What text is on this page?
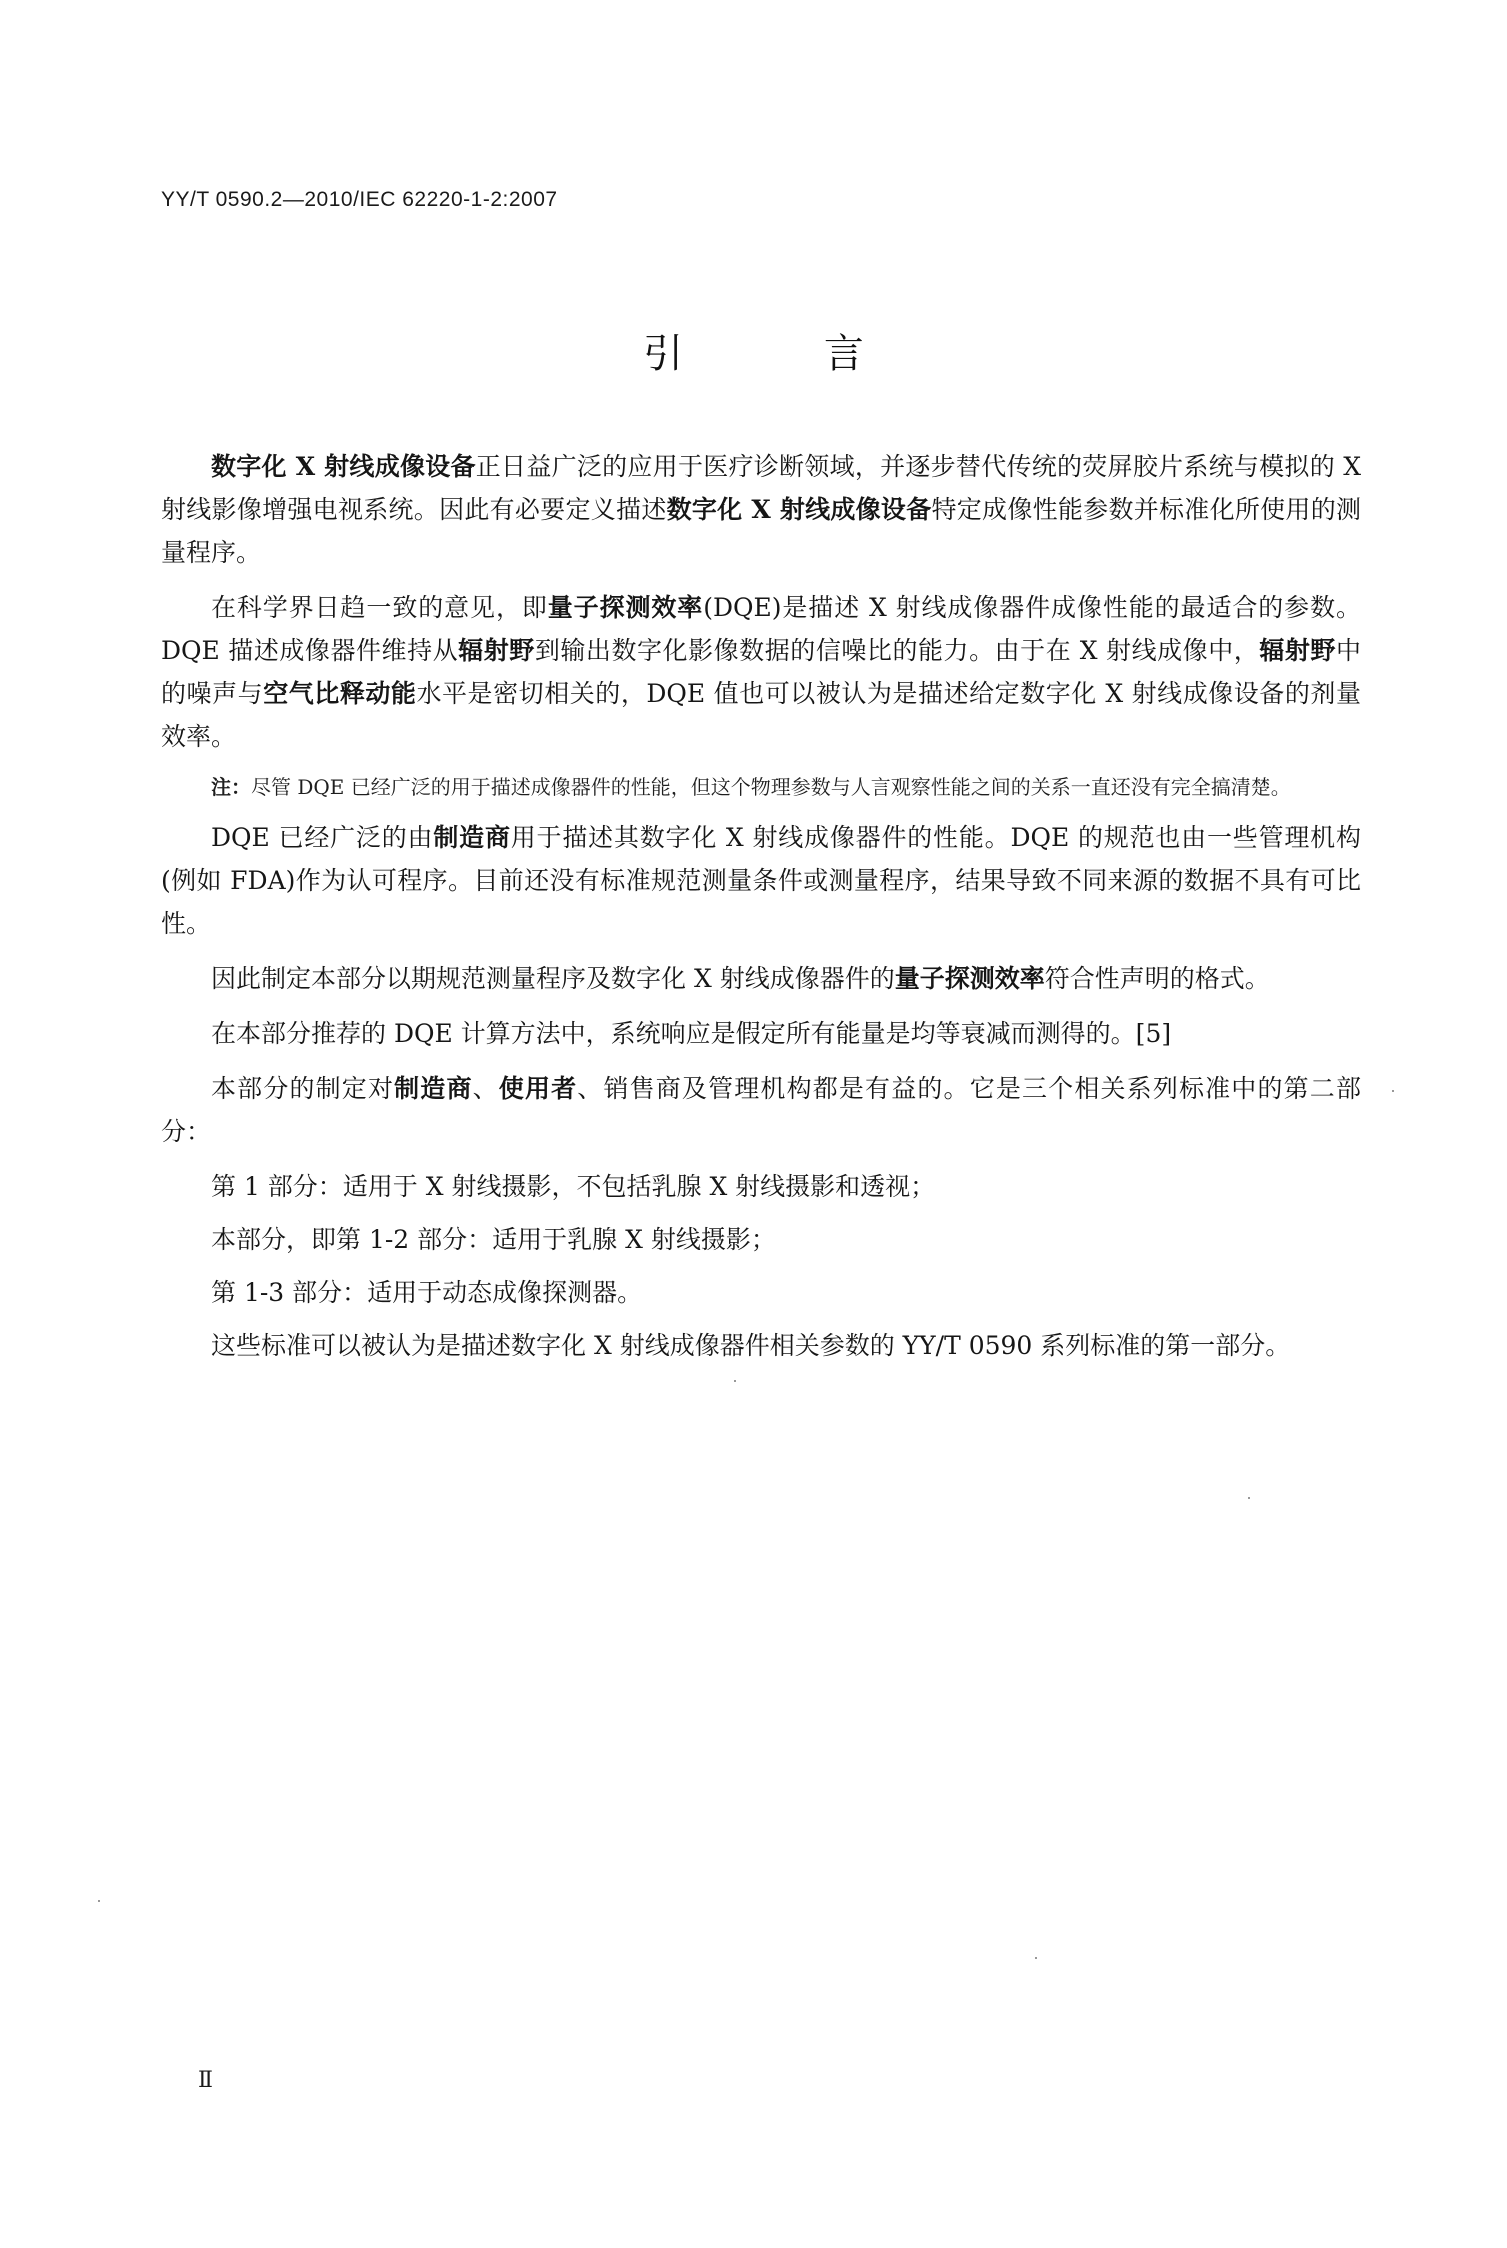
YY/T 0590.2—2010/IEC 62220-1-2:2007
引 言

数字化 X 射线成像设备正日益广泛的应用于医疗诊断领域，并逐步替代传统的荧屏胶片系统与模拟的 X 射线影像增强电视系统。因此有必要定义描述数字化 X 射线成像设备特定成像性能参数并标准化所使用的测量程序。

在科学界日趋一致的意见，即量子探测效率(DQE)是描述 X 射线成像器件成像性能的最适合的参数。DQE 描述成像器件维持从辐射野到输出数字化影像数据的信噪比的能力。由于在 X 射线成像中，辐射野中的噪声与空气比释动能水平是密切相关的，DQE 值也可以被认为是描述给定数字化 X 射线成像设备的剂量效率。

注：尽管 DQE 已经广泛的用于描述成像器件的性能，但这个物理参数与人言观察性能之间的关系一直还没有完全搞清楚。

DQE 已经广泛的由制造商用于描述其数字化 X 射线成像器件的性能。DQE 的规范也由一些管理机构(例如 FDA)作为认可程序。目前还没有标准规范测量条件或测量程序，结果导致不同来源的数据不具有可比性。

因此制定本部分以期规范测量程序及数字化 X 射线成像器件的量子探测效率符合性声明的格式。

在本部分推荐的 DQE 计算方法中，系统响应是假定所有能量是均等衰减而测得的。[5]

本部分的制定对制造商、使用者、销售商及管理机构都是有益的。它是三个相关系列标准中的第二部分：

第 1 部分：适用于 X 射线摄影，不包括乳腺 X 射线摄影和透视；

本部分，即第 1-2 部分：适用于乳腺 X 射线摄影；

第 1-3 部分：适用于动态成像探测器。

这些标准可以被认为是描述数字化 X 射线成像器件相关参数的 YY/T 0590 系列标准的第一部分。

Ⅱ
